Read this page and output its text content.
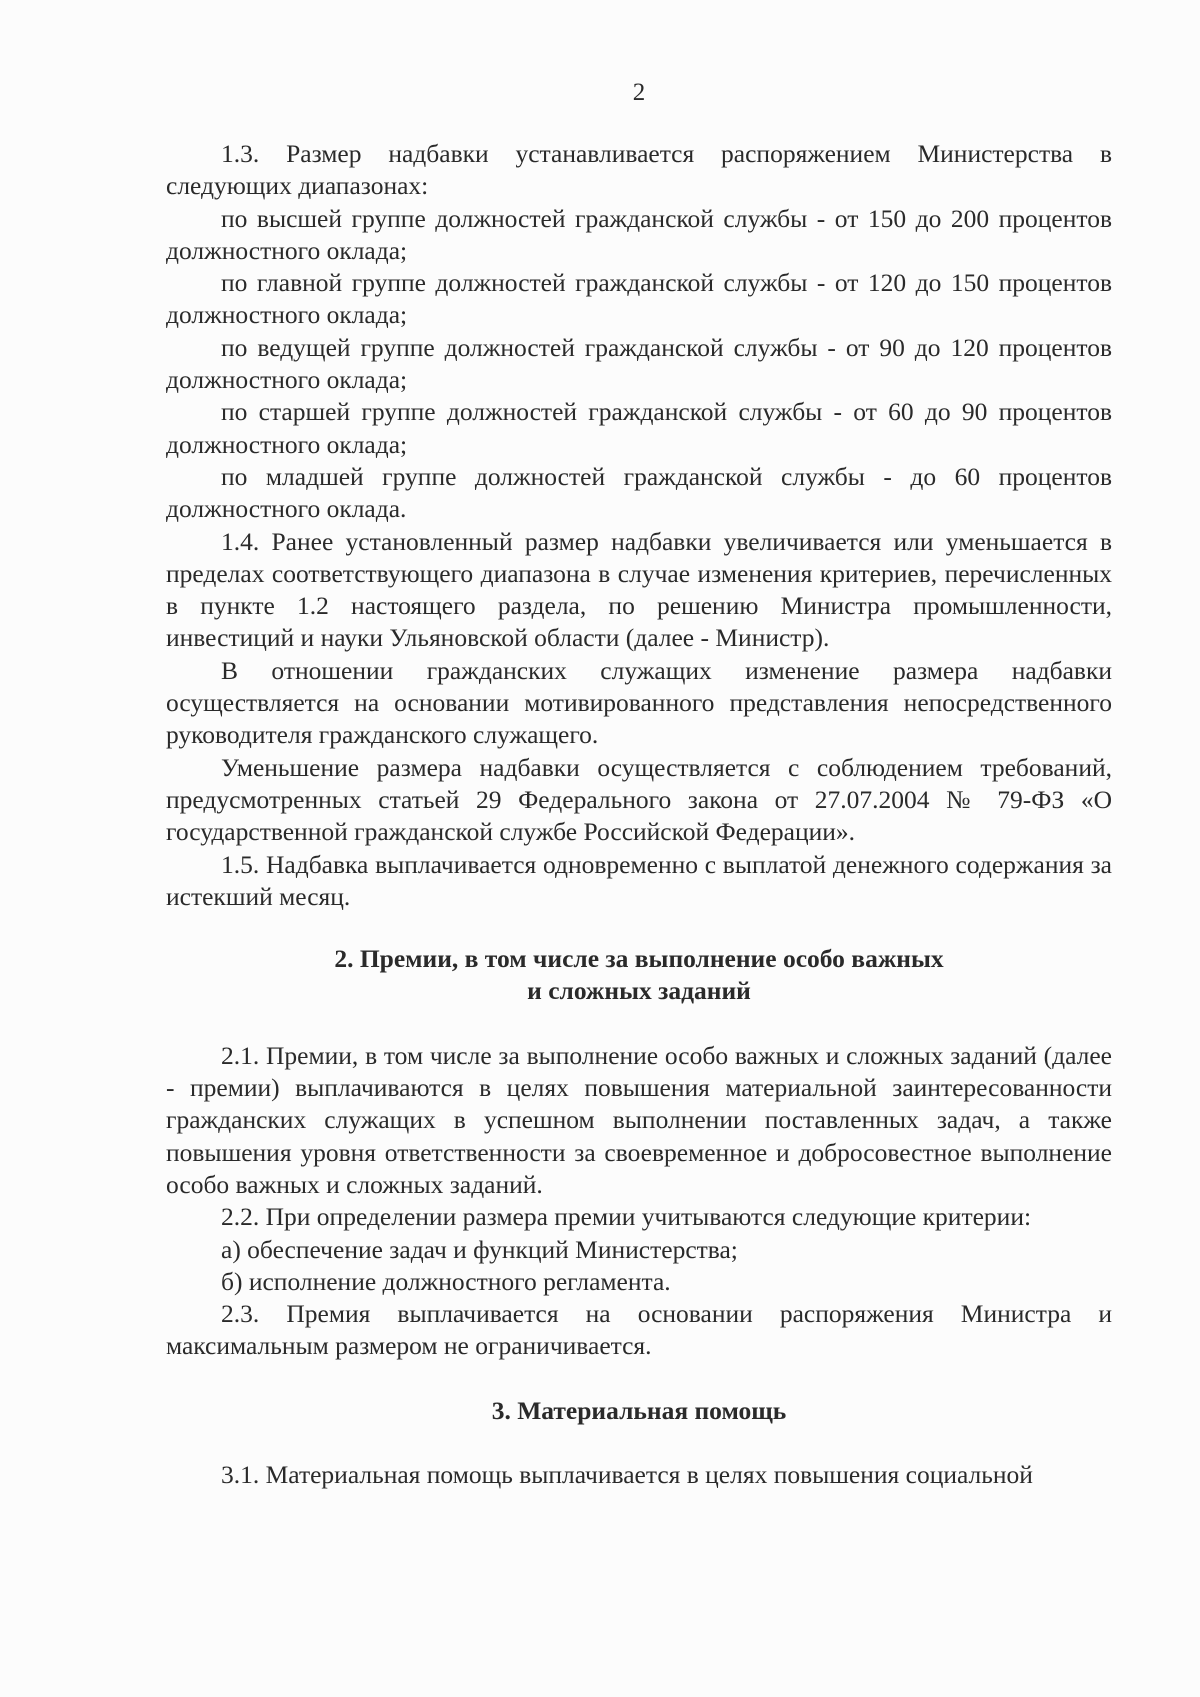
2

1.3. Размер надбавки устанавливается распоряжением Министерства в следующих диапазонах:

по высшей группе должностей гражданской службы - от 150 до 200 процентов должностного оклада;

по главной группе должностей гражданской службы - от 120 до 150 процентов должностного оклада;

по ведущей группе должностей гражданской службы - от 90 до 120 процентов должностного оклада;

по старшей группе должностей гражданской службы - от 60 до 90 процентов должностного оклада;

по младшей группе должностей гражданской службы - до 60 процентов должностного оклада.

1.4. Ранее установленный размер надбавки увеличивается или уменьшается в пределах соответствующего диапазона в случае изменения критериев, перечисленных в пункте 1.2 настоящего раздела, по решению Министра промышленности, инвестиций и науки Ульяновской области (далее - Министр).

В отношении гражданских служащих изменение размера надбавки осуществляется на основании мотивированного представления непосредственного руководителя гражданского служащего.

Уменьшение размера надбавки осуществляется с соблюдением требований, предусмотренных статьей 29 Федерального закона от 27.07.2004 № 79-ФЗ «О государственной гражданской службе Российской Федерации».

1.5. Надбавка выплачивается одновременно с выплатой денежного содержания за истекший месяц.

2. Премии, в том числе за выполнение особо важных

и сложных заданий

2.1. Премии, в том числе за выполнение особо важных и сложных заданий (далее - премии) выплачиваются в целях повышения материальной заинтересованности гражданских служащих в успешном выполнении поставленных задач, а также повышения уровня ответственности за своевременное и добросовестное выполнение особо важных и сложных заданий.

2.2. При определении размера премии учитываются следующие критерии:

а) обеспечение задач и функций Министерства;

б) исполнение должностного регламента.

2.3. Премия выплачивается на основании распоряжения Министра и максимальным размером не ограничивается.

3. Материальная помощь

3.1. Материальная помощь выплачивается в целях повышения социальной
